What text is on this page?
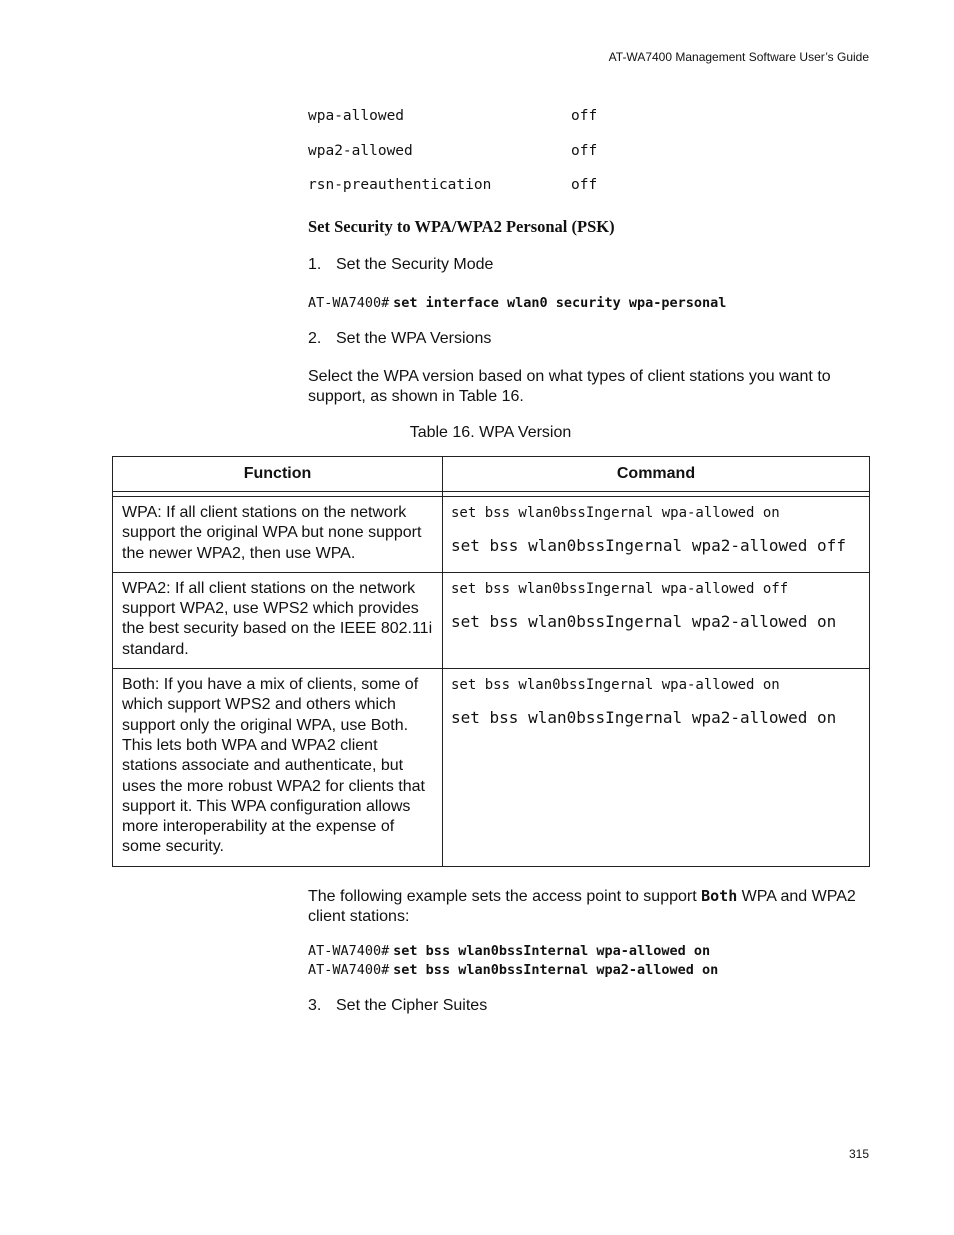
AT-WA7400 Management Software User’s Guide
wpa-allowed	off
wpa2-allowed	off
rsn-preauthentication	off
Set Security to WPA/WPA2 Personal (PSK)
1. Set the Security Mode
AT-WA7400# set interface wlan0 security wpa-personal
2. Set the WPA Versions
Select the WPA version based on what types of client stations you want to support, as shown in Table 16.
Table 16. WPA Version
Function	Command

WPA: If all client stations on the network support the original WPA but none support the newer WPA2, then use WPA.	set bss wlan0bssIngernal wpa-allowed on
set bss wlan0bssIngernal wpa2-allowed off

WPA2: If all client stations on the network support WPA2, use WPS2 which provides the best security based on the IEEE 802.11i standard.	set bss wlan0bssIngernal wpa-allowed off
set bss wlan0bssIngernal wpa2-allowed on

Both: If you have a mix of clients, some of which support WPS2 and others which support only the original WPA, use Both. This lets both WPA and WPA2 client stations associate and authenticate, but uses the more robust WPA2 for clients that support it. This WPA configuration allows more interoperability at the expense of some security.	set bss wlan0bssIngernal wpa-allowed on
set bss wlan0bssIngernal wpa2-allowed on
The following example sets the access point to support Both WPA and WPA2 client stations:
AT-WA7400# set bss wlan0bssInternal wpa-allowed on
AT-WA7400# set bss wlan0bssInternal wpa2-allowed on
3. Set the Cipher Suites
315
